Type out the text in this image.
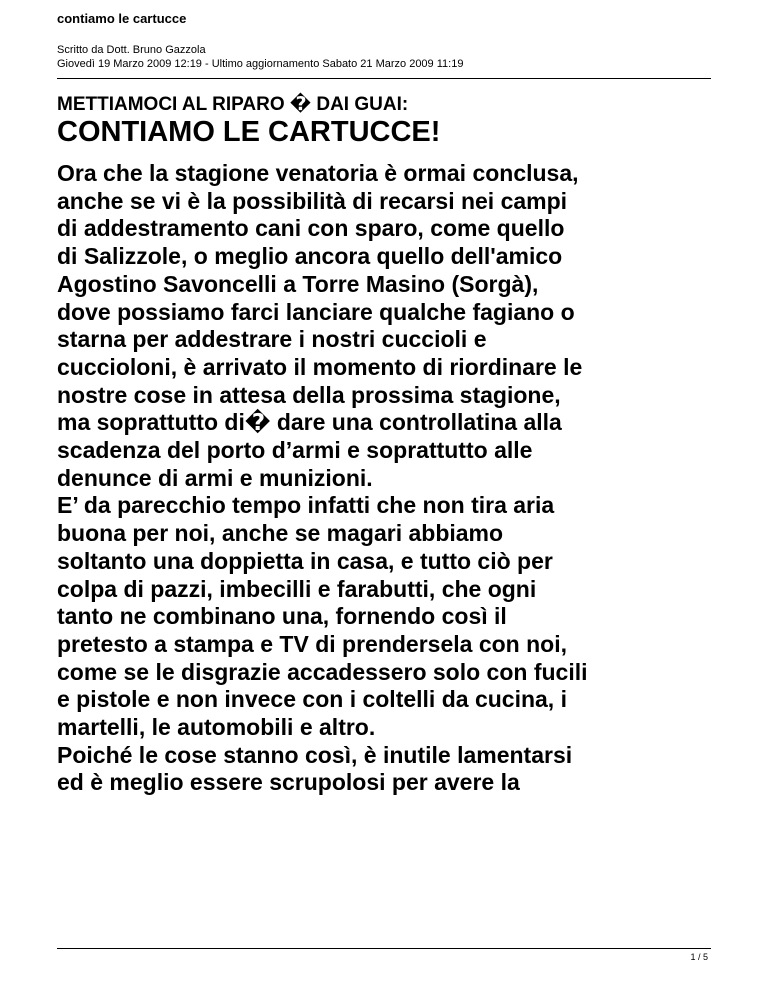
contiamo le cartucce
Scritto da Dott. Bruno Gazzola
Giovedì 19 Marzo 2009 12:19 - Ultimo aggiornamento Sabato 21 Marzo 2009 11:19
METTIAMOCI AL RIPARO � DAI GUAI:
CONTIAMO LE CARTUCCE!
Ora che la stagione venatoria è ormai conclusa,
anche se vi è la possibilità di recarsi nei campi
di addestramento cani con sparo, come quello
di Salizzole, o meglio ancora quello dell'amico
Agostino Savoncelli a Torre Masino (Sorgà),
dove possiamo farci lanciare qualche fagiano o
starna per addestrare i nostri cuccioli e
cuccioloni, è arrivato il momento di riordinare le
nostre cose in attesa della prossima stagione,
ma soprattutto di� dare una controllatina alla
scadenza del porto d’armi e soprattutto alle
denunce di armi e munizioni.
E’ da parecchio tempo infatti che non tira aria
buona per noi, anche se magari abbiamo
soltanto una doppietta in casa, e tutto ciò per
colpa di pazzi, imbecilli e farabutti, che ogni
tanto ne combinano una, fornendo così il
pretesto a stampa e TV di prendersela con noi,
come se le disgrazie accadessero solo con fucili
e pistole e non invece con i coltelli da cucina, i
martelli, le automobili e altro.
Poiché le cose stanno così, è inutile lamentarsi
ed è meglio essere scrupolosi per avere la
1 / 5
